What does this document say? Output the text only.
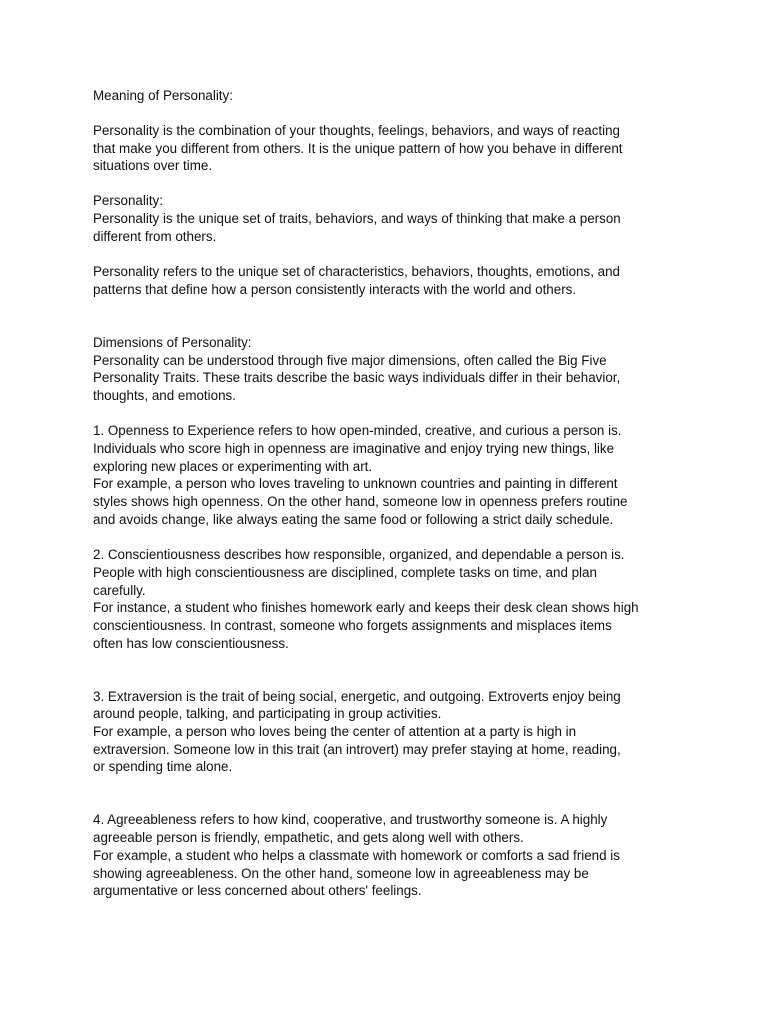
Meaning of Personality:
Personality is the combination of your thoughts, feelings, behaviors, and ways of reacting
that make you different from others. It is the unique pattern of how you behave in different
situations over time.
Personality:
Personality is the unique set of traits, behaviors, and ways of thinking that make a person
different from others.
Personality refers to the unique set of characteristics, behaviors, thoughts, emotions, and
patterns that define how a person consistently interacts with the world and others.
Dimensions of Personality:
Personality can be understood through five major dimensions, often called the Big Five
Personality Traits. These traits describe the basic ways individuals differ in their behavior,
thoughts, and emotions.
1. Openness to Experience refers to how open-minded, creative, and curious a person is.
Individuals who score high in openness are imaginative and enjoy trying new things, like
exploring new places or experimenting with art.
For example, a person who loves traveling to unknown countries and painting in different
styles shows high openness. On the other hand, someone low in openness prefers routine
and avoids change, like always eating the same food or following a strict daily schedule.
2. Conscientiousness describes how responsible, organized, and dependable a person is.
People with high conscientiousness are disciplined, complete tasks on time, and plan
carefully.
For instance, a student who finishes homework early and keeps their desk clean shows high
conscientiousness. In contrast, someone who forgets assignments and misplaces items
often has low conscientiousness.
3. Extraversion is the trait of being social, energetic, and outgoing. Extroverts enjoy being
around people, talking, and participating in group activities.
For example, a person who loves being the center of attention at a party is high in
extraversion. Someone low in this trait (an introvert) may prefer staying at home, reading,
or spending time alone.
4. Agreeableness refers to how kind, cooperative, and trustworthy someone is. A highly
agreeable person is friendly, empathetic, and gets along well with others.
For example, a student who helps a classmate with homework or comforts a sad friend is
showing agreeableness. On the other hand, someone low in agreeableness may be
argumentative or less concerned about others' feelings.
